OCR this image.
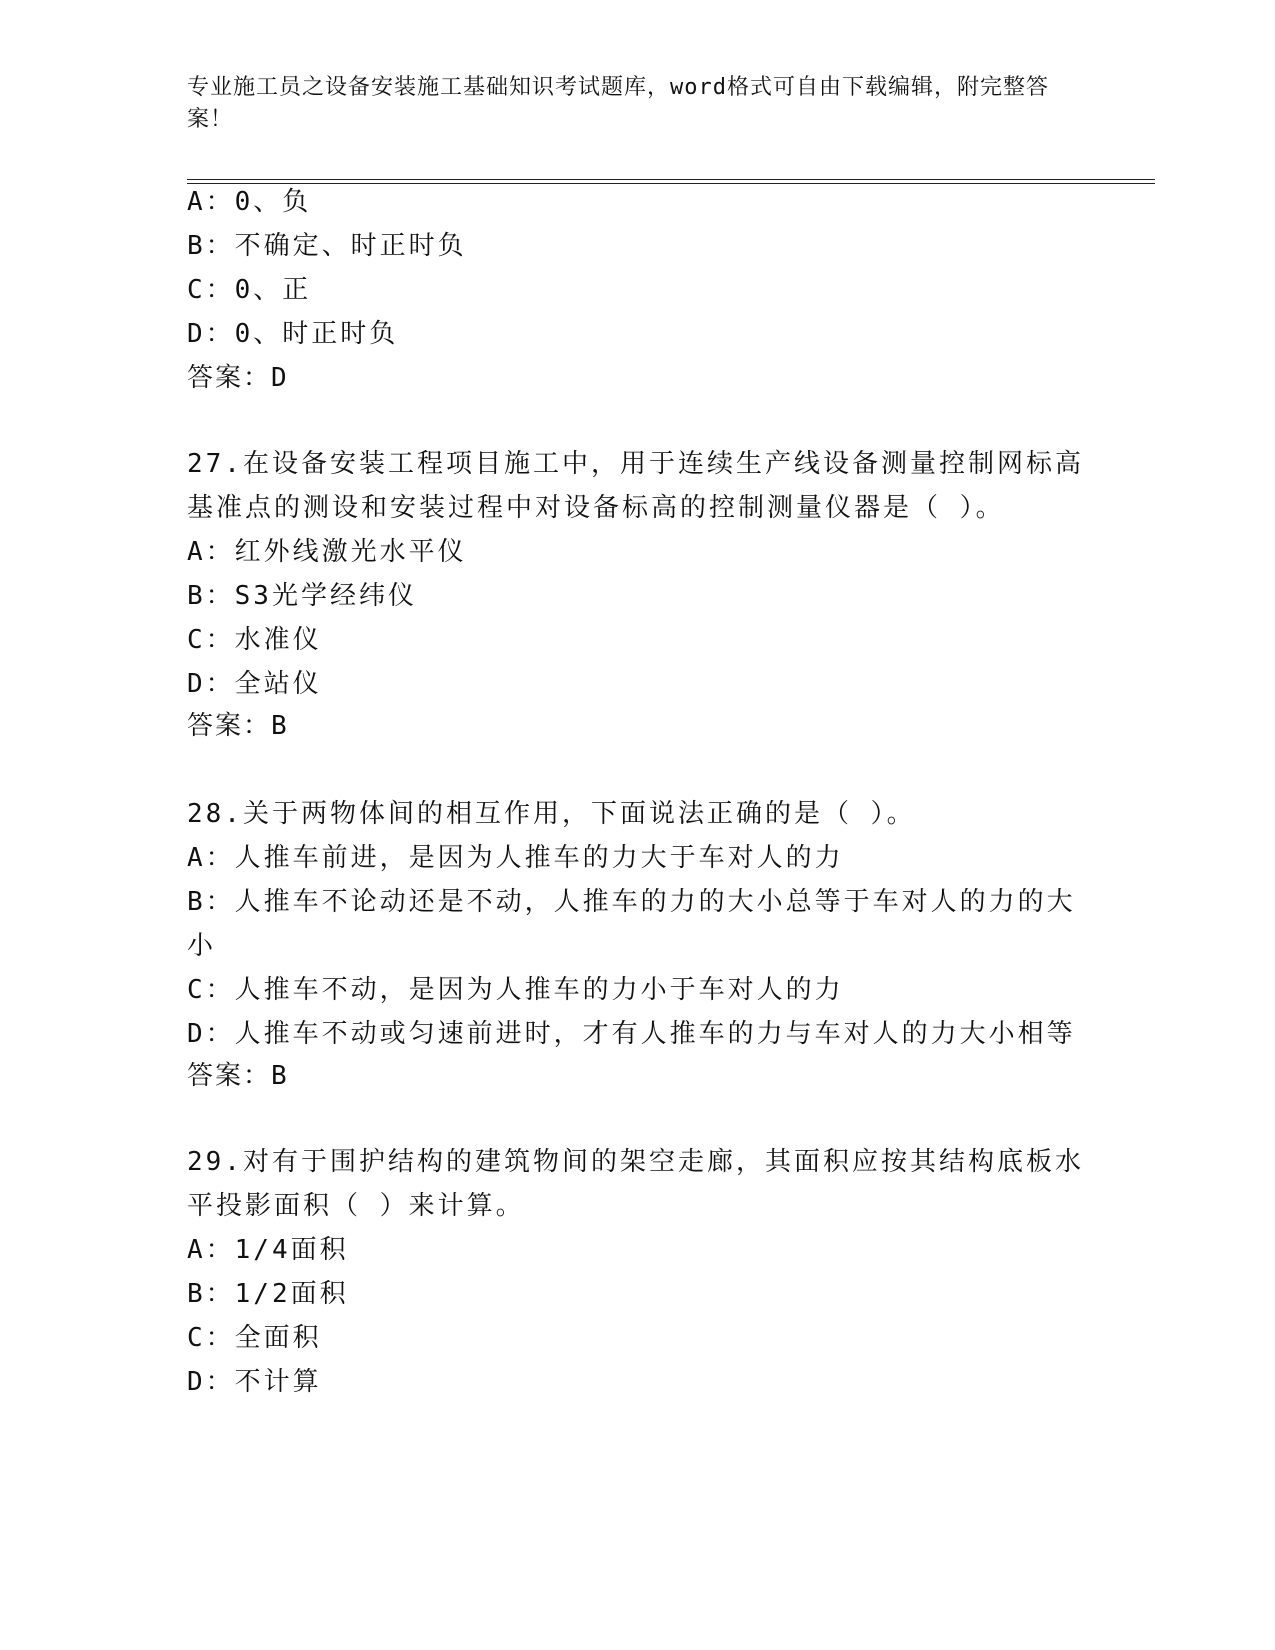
专业施工员之设备安装施工基础知识考试题库，word格式可自由下载编辑，附完整答案！
A：0、负
B：不确定、时正时负
C：0、正
D：0、时正时负
答案：D
27.在设备安装工程项目施工中，用于连续生产线设备测量控制网标高
基准点的测设和安装过程中对设备标高的控制测量仪器是（ ）。
A：红外线激光水平仪
B：S3光学经纬仪
C：水准仪
D：全站仪
答案：B
28.关于两物体间的相互作用，下面说法正确的是（ ）。
A：人推车前进，是因为人推车的力大于车对人的力
B：人推车不论动还是不动，人推车的力的大小总等于车对人的力的大
小
C：人推车不动，是因为人推车的力小于车对人的力
D：人推车不动或匀速前进时，才有人推车的力与车对人的力大小相等
答案：B
29.对有于围护结构的建筑物间的架空走廊，其面积应按其结构底板水
平投影面积（ ）来计算。
A：1/4面积
B：1/2面积
C：全面积
D：不计算
